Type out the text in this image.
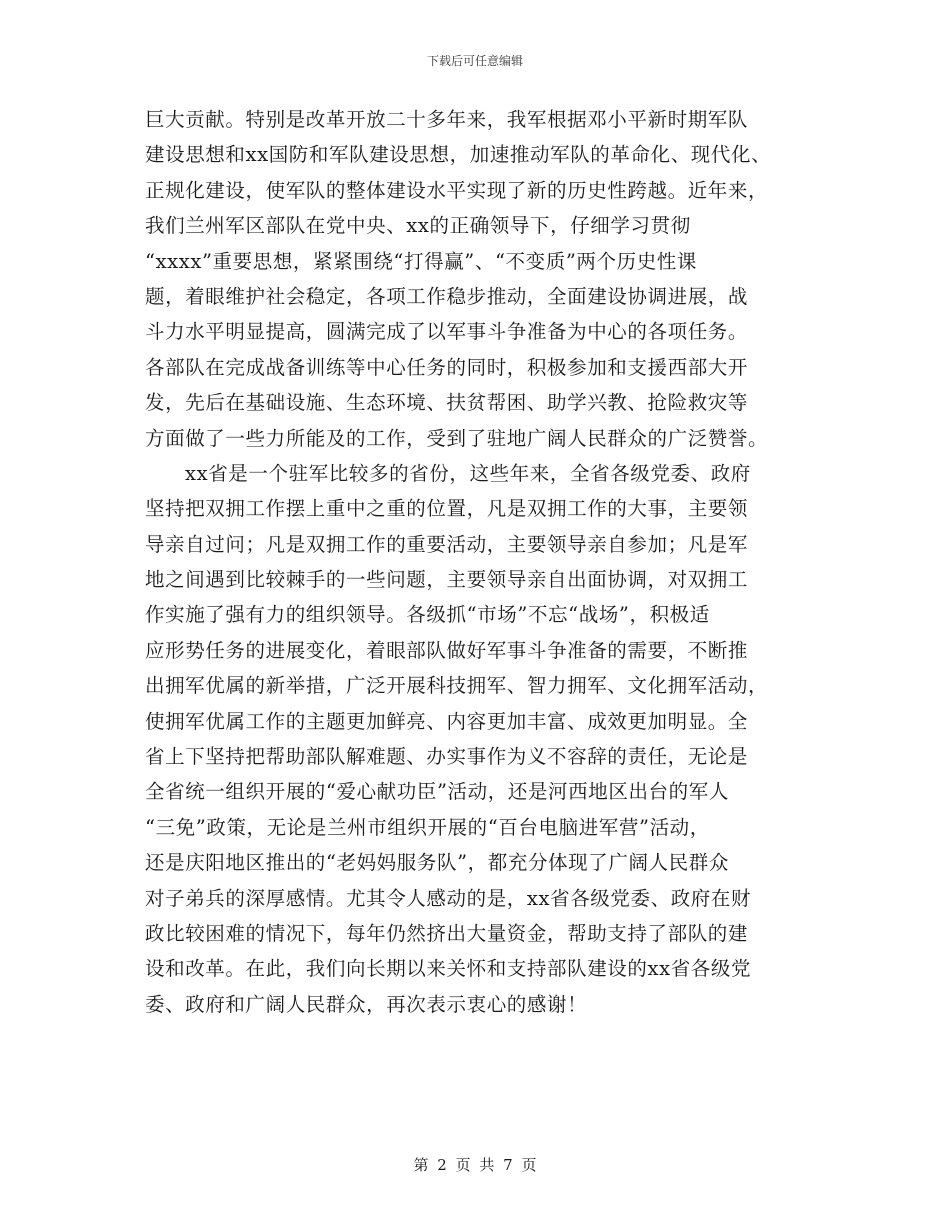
下载后可任意编辑
巨大贡献。特别是改革开放二十多年来，我军根据邓小平新时期军队
建设思想和xx国防和军队建设思想，加速推动军队的革命化、现代化、
正规化建设，使军队的整体建设水平实现了新的历史性跨越。近年来，
我们兰州军区部队在党中央、xx的正确领导下，仔细学习贯彻
“xxxx”重要思想，紧紧围绕“打得赢”、“不变质”两个历史性课
题，着眼维护社会稳定，各项工作稳步推动，全面建设协调进展，战
斗力水平明显提高，圆满完成了以军事斗争准备为中心的各项任务。
各部队在完成战备训练等中心任务的同时，积极参加和支援西部大开
发，先后在基础设施、生态环境、扶贫帮困、助学兴教、抢险救灾等
方面做了一些力所能及的工作，受到了驻地广阔人民群众的广泛赞誉。
xx省是一个驻军比较多的省份，这些年来，全省各级党委、政府
坚持把双拥工作摆上重中之重的位置，凡是双拥工作的大事，主要领
导亲自过问；凡是双拥工作的重要活动，主要领导亲自参加；凡是军
地之间遇到比较棘手的一些问题，主要领导亲自出面协调，对双拥工
作实施了强有力的组织领导。各级抓“市场”不忘“战场”，积极适
应形势任务的进展变化，着眼部队做好军事斗争准备的需要，不断推
出拥军优属的新举措，广泛开展科技拥军、智力拥军、文化拥军活动，
使拥军优属工作的主题更加鲜亮、内容更加丰富、成效更加明显。全
省上下坚持把帮助部队解难题、办实事作为义不容辞的责任，无论是
全省统一组织开展的“爱心献功臣”活动，还是河西地区出台的军人
“三免”政策，无论是兰州市组织开展的“百台电脑进军营”活动，
还是庆阳地区推出的“老妈妈服务队”，都充分体现了广阔人民群众
对子弟兵的深厚感情。尤其令人感动的是，xx省各级党委、政府在财
政比较困难的情况下，每年仍然挤出大量资金，帮助支持了部队的建
设和改革。在此，我们向长期以来关怀和支持部队建设的xx省各级党
委、政府和广阔人民群众，再次表示衷心的感谢！
第 2 页 共 7 页
